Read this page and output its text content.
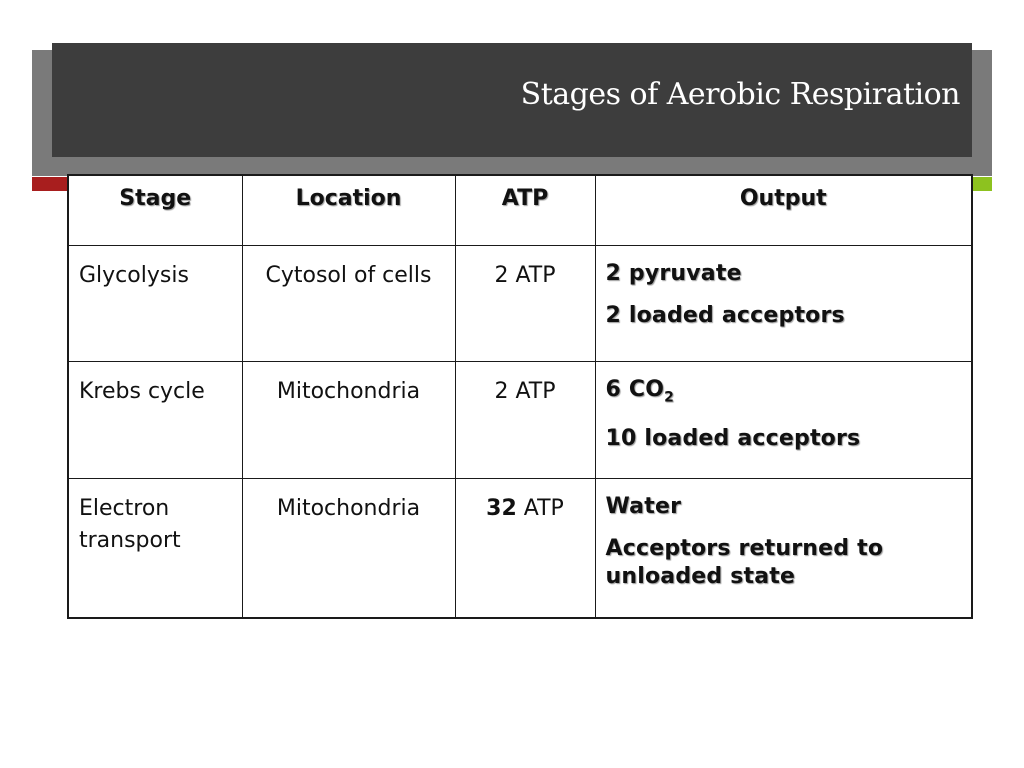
Stages of Aerobic Respiration
Stage	Location	ATP	Output
Glycolysis	Cytosol of cells	2 ATP	2 pyruvate
2 loaded acceptors

Krebs cycle	Mitochondria	2 ATP	6 $CO_2$
10 loaded acceptors

Electron transport	Mitochondria	32 ATP	Water
Acceptors returned to unloaded state
